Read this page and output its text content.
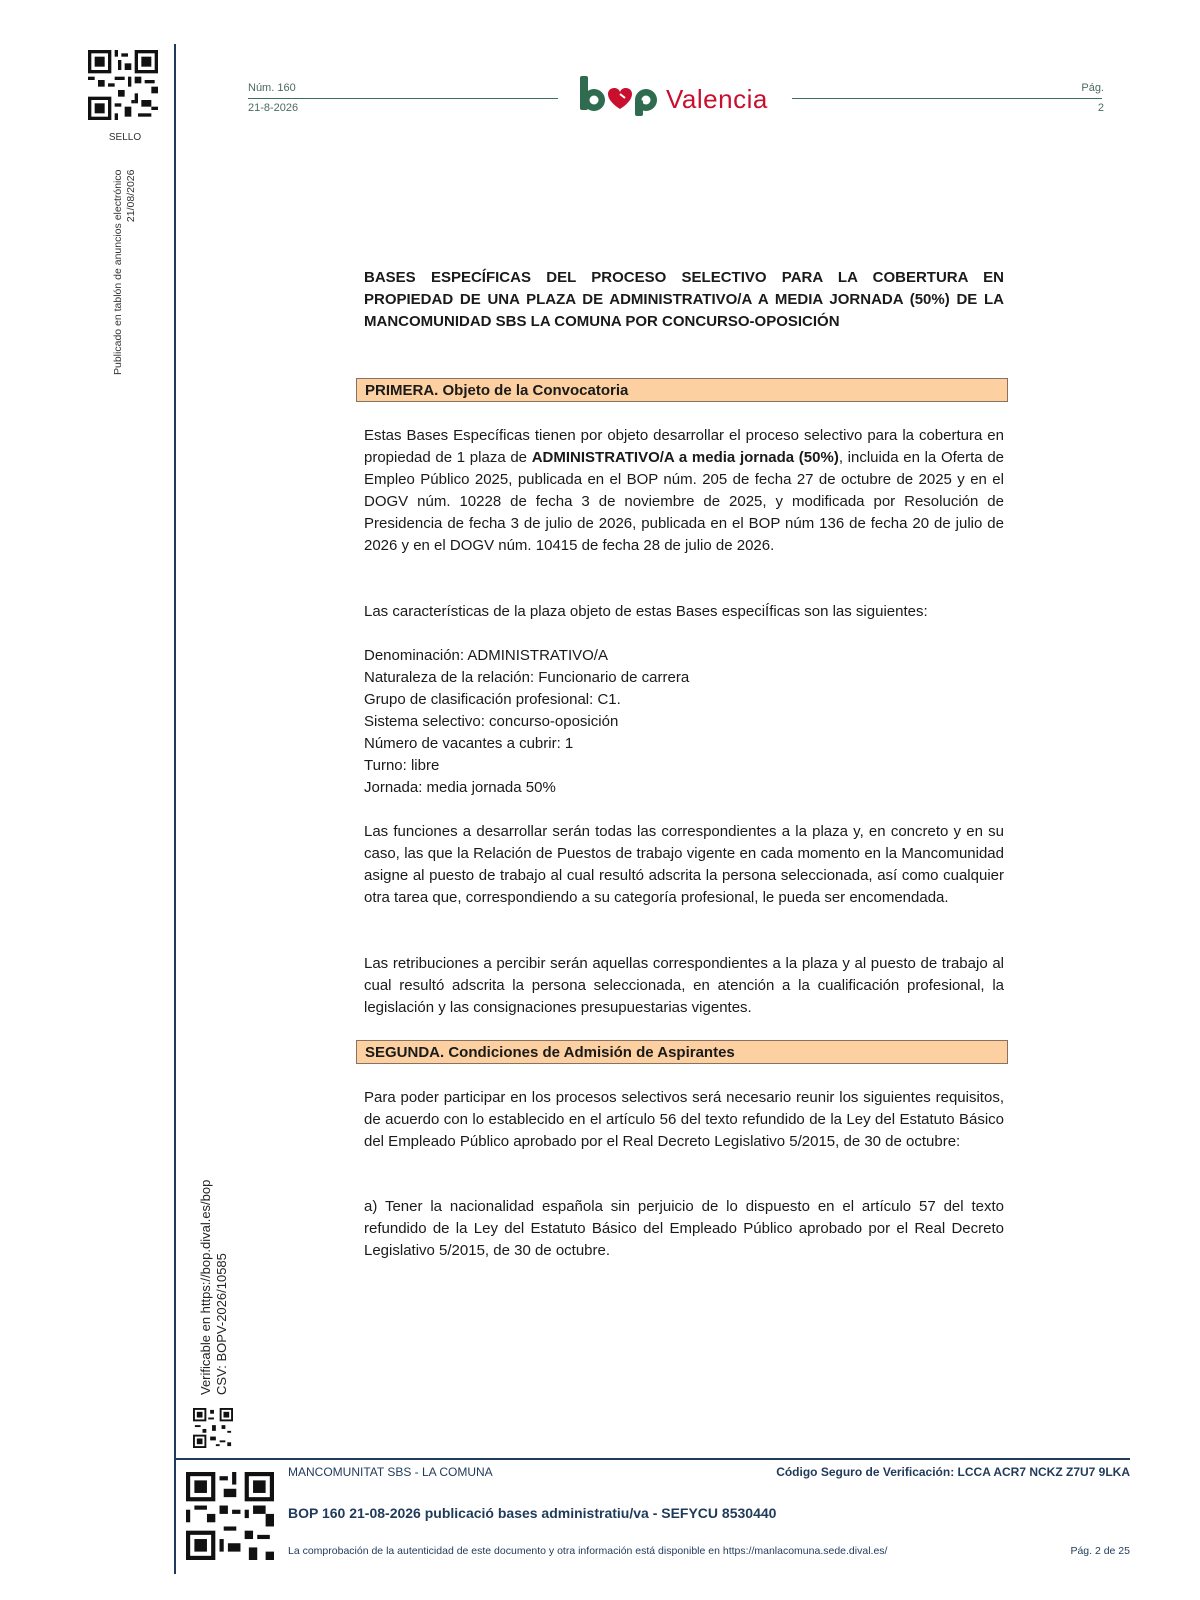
SELLO
Publicado en tablón de anuncios electrónico 21/08/2026
Verificable en https://bop.dival.es/bop CSV: BOPV-2026/10585
Núm. 160
21-8-2026	Valencia	Pág.
2
BASES ESPECÍFICAS DEL PROCESO SELECTIVO PARA LA COBERTURA EN PROPIEDAD DE UNA PLAZA DE ADMINISTRATIVO/A A MEDIA JORNADA (50%) DE LA MANCOMUNIDAD SBS LA COMUNA POR CONCURSO-OPOSICIÓN
PRIMERA. Objeto de la Convocatoria
Estas Bases Específicas tienen por objeto desarrollar el proceso selectivo para la cobertura en propiedad de 1 plaza de ADMINISTRATIVO/A a media jornada (50%), incluida en la Oferta de Empleo Público 2025, publicada en el BOP núm. 205 de fecha 27 de octubre de 2025 y en el DOGV núm. 10228 de fecha 3 de noviembre de 2025, y modificada por Resolución de Presidencia de fecha 3 de julio de 2026, publicada en el BOP núm 136 de fecha 20 de julio de 2026 y en el DOGV núm. 10415 de fecha 28 de julio de 2026.
Las características de la plaza objeto de estas Bases especiÍficas son las siguientes:
Denominación: ADMINISTRATIVO/A
Naturaleza de la relación: Funcionario de carrera
Grupo de clasificación profesional: C1.
Sistema selectivo: concurso-oposición
Número de vacantes a cubrir: 1
Turno: libre
Jornada: media jornada 50%
Las funciones a desarrollar serán todas las correspondientes a la plaza y, en concreto y en su caso, las que la Relación de Puestos de trabajo vigente en cada momento en la Mancomunidad asigne al puesto de trabajo al cual resultó adscrita la persona seleccionada, así como cualquier otra tarea que, correspondiendo a su categoría profesional, le pueda ser encomendada.
Las retribuciones a percibir serán aquellas correspondientes a la plaza y al puesto de trabajo al cual resultó adscrita la persona seleccionada, en atención a la cualificación profesional, la legislación y las consignaciones presupuestarias vigentes.
SEGUNDA. Condiciones de Admisión de Aspirantes
Para poder participar en los procesos selectivos será necesario reunir los siguientes requisitos, de acuerdo con lo establecido en el artículo 56 del texto refundido de la Ley del Estatuto Básico del Empleado Público aprobado por el Real Decreto Legislativo 5/2015, de 30 de octubre:
a) Tener la nacionalidad española sin perjuicio de lo dispuesto en el artículo 57 del texto refundido de la Ley del Estatuto Básico del Empleado Público aprobado por el Real Decreto Legislativo 5/2015, de 30 de octubre.
MANCOMUNITAT SBS - LA COMUNA	Código Seguro de Verificación: LCCA ACR7 NCKZ Z7U7 9LKA
BOP 160 21-08-2026 publicació bases administratiu/va - SEFYCU 8530440
La comprobación de la autenticidad de este documento y otra información está disponible en https://manlacomuna.sede.dival.es/	Pág. 2 de 25
